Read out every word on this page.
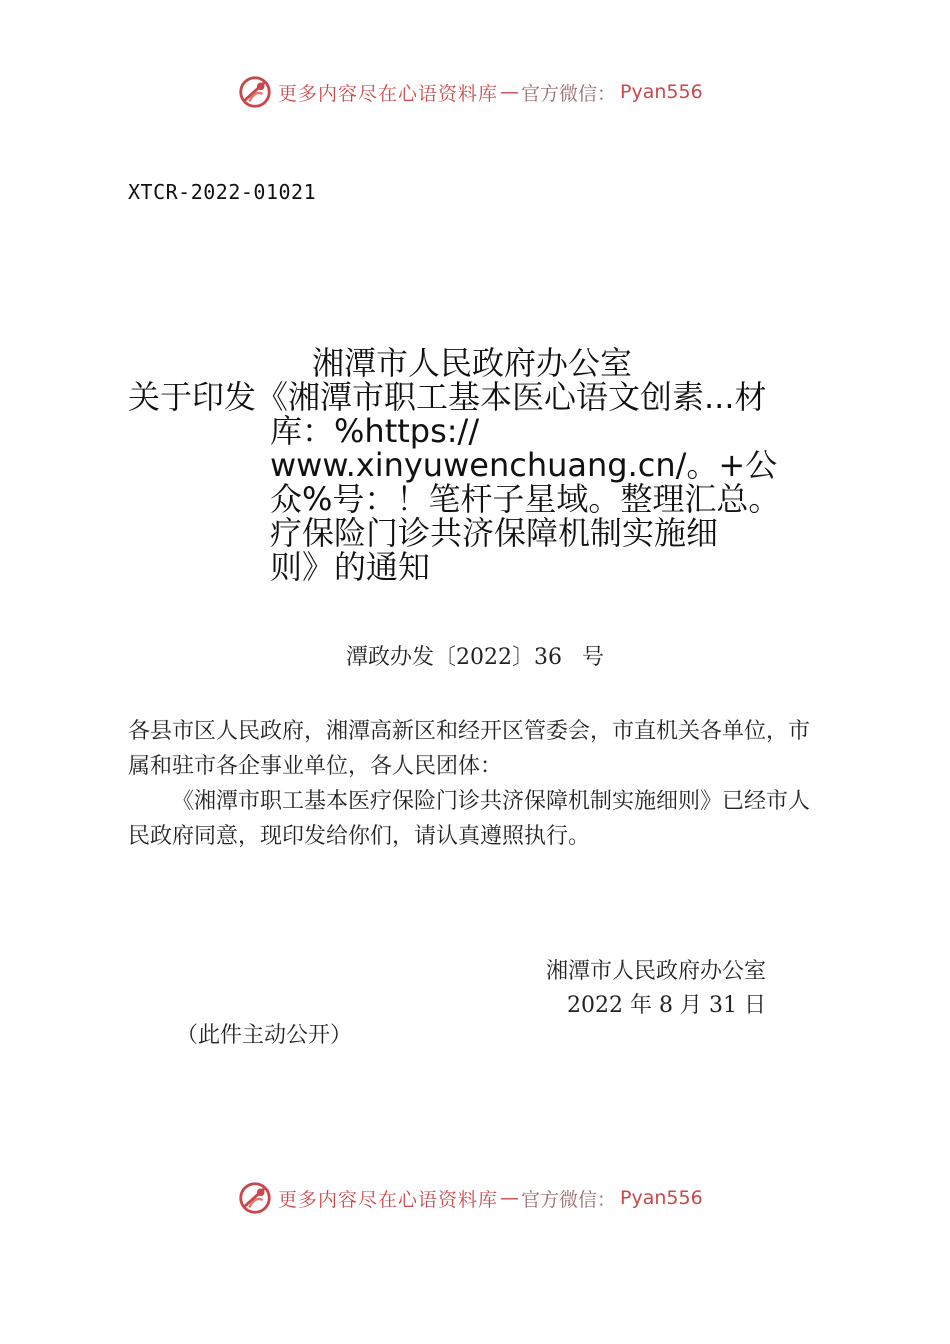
更多内容尽在心语资料库 — 官方微信： Pyan556
XTCR-2022-01021
湘潭市人民政府办公室
关于印发《湘潭市职工基本医心语文创素...材
库：%https://
www.xinyuwenchuang.cn/。+公
众%号：！笔杆子星域。整理汇总。
疗保险门诊共济保障机制实施细
则》的通知
潭政办发〔2022〕36 号

各县市区人民政府，湘潭高新区和经开区管委会，市直机关各单位，市属和驻市各企事业单位，各人民团体：

《湘潭市职工基本医疗保险门诊共济保障机制实施细则》已经市人民政府同意，现印发给你们，请认真遵照执行。

湘潭市人民政府办公室
2022 年 8 月 31 日
（此件主动公开）
更多内容尽在心语资料库 — 官方微信： Pyan556
